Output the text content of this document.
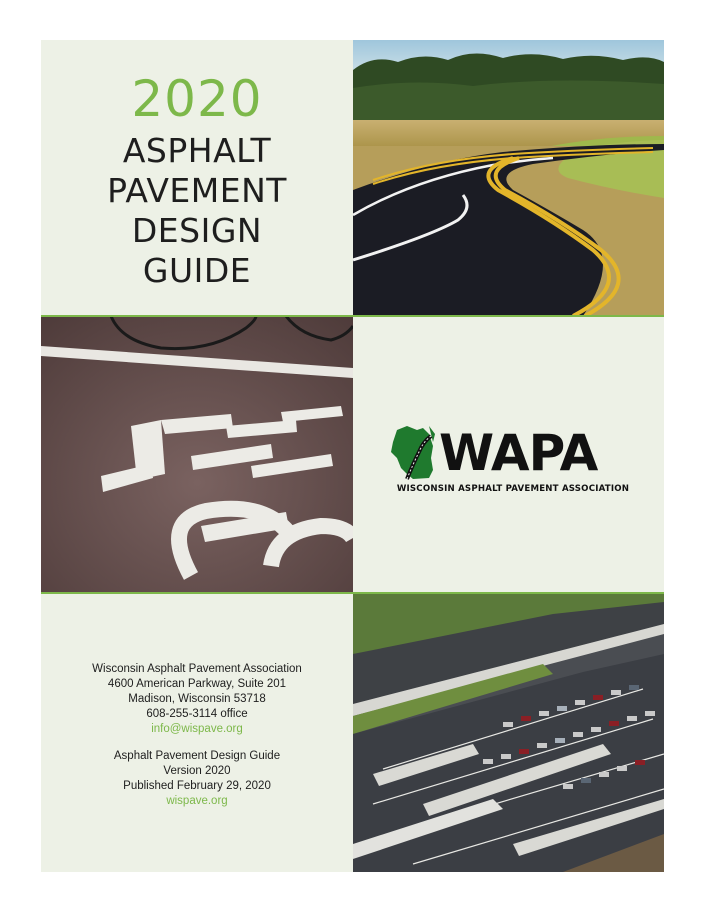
2020
ASPHALT
PAVEMENT
DESIGN
GUIDE
WAPA
WISCONSIN ASPHALT PAVEMENT ASSOCIATION
Wisconsin Asphalt Pavement Association
4600 American Parkway, Suite 201
Madison, Wisconsin 53718
608-255-3114 office
info@wispave.org
Asphalt Pavement Design Guide
Version 2020
Published February 29, 2020
wispave.org
